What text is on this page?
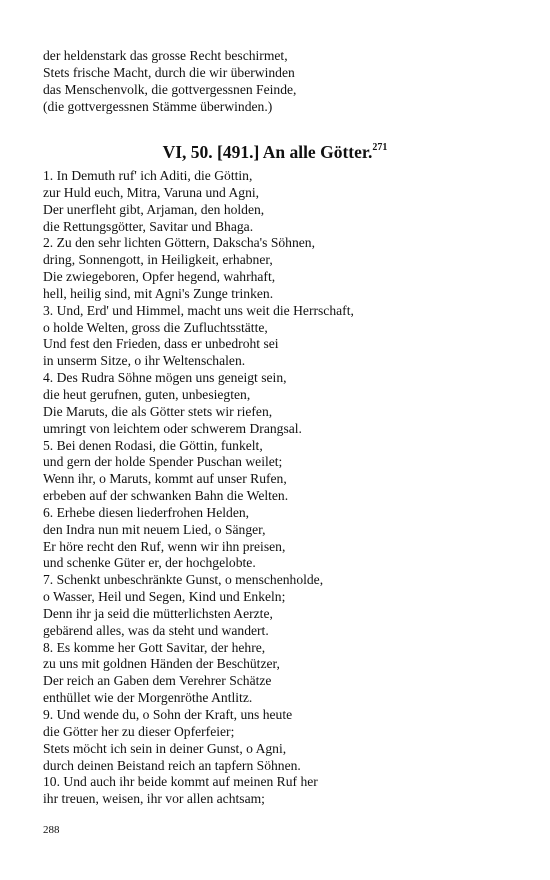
der heldenstark das grosse Recht beschirmet,
Stets frische Macht, durch die wir überwinden
das Menschenvolk, die gottvergessnen Feinde,
(die gottvergessnen Stämme überwinden.)
VI, 50. [491.] An alle Götter.$^{271}$
1. In Demuth ruf' ich Aditi, die Göttin,
zur Huld euch, Mitra, Varuna und Agni,
Der unerfleht gibt, Arjaman, den holden,
die Rettungsgötter, Savitar und Bhaga.
2. Zu den sehr lichten Göttern, Dakscha's Söhnen,
dring, Sonnengott, in Heiligkeit, erhabner,
Die zwiegeboren, Opfer hegend, wahrhaft,
hell, heilig sind, mit Agni's Zunge trinken.
3. Und, Erd' und Himmel, macht uns weit die Herrschaft,
o holde Welten, gross die Zufluchtsstätte,
Und fest den Frieden, dass er unbedroht sei
in unserm Sitze, o ihr Weltenschalen.
4. Des Rudra Söhne mögen uns geneigt sein,
die heut gerufnen, guten, unbesiegten,
Die Maruts, die als Götter stets wir riefen,
umringt von leichtem oder schwerem Drangsal.
5. Bei denen Rodasi, die Göttin, funkelt,
und gern der holde Spender Puschan weilet;
Wenn ihr, o Maruts, kommt auf unser Rufen,
erbeben auf der schwanken Bahn die Welten.
6. Erhebe diesen liederfrohen Helden,
den Indra nun mit neuem Lied, o Sänger,
Er höre recht den Ruf, wenn wir ihn preisen,
und schenke Güter er, der hochgelobte.
7. Schenkt unbeschränkte Gunst, o menschenholde,
o Wasser, Heil und Segen, Kind und Enkeln;
Denn ihr ja seid die mütterlichsten Aerzte,
gebärend alles, was da steht und wandert.
8. Es komme her Gott Savitar, der hehre,
zu uns mit goldnen Händen der Beschützer,
Der reich an Gaben dem Verehrer Schätze
enthüllet wie der Morgenröthe Antlitz.
9. Und wende du, o Sohn der Kraft, uns heute
die Götter her zu dieser Opferfeier;
Stets möcht ich sein in deiner Gunst, o Agni,
durch deinen Beistand reich an tapfern Söhnen.
10. Und auch ihr beide kommt auf meinen Ruf her
ihr treuen, weisen, ihr vor allen achtsam;
288
